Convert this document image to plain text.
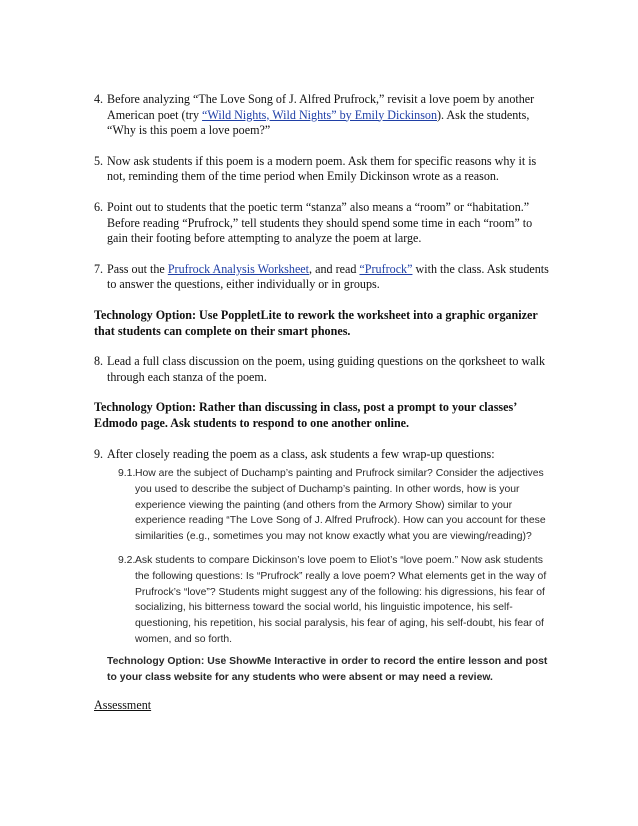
4. Before analyzing “The Love Song of J. Alfred Prufrock,” revisit a love poem by another American poet (try “Wild Nights, Wild Nights” by Emily Dickinson). Ask the students, “Why is this poem a love poem?”
5. Now ask students if this poem is a modern poem. Ask them for specific reasons why it is not, reminding them of the time period when Emily Dickinson wrote as a reason.
6. Point out to students that the poetic term “stanza” also means a “room” or “habitation.” Before reading “Prufrock,” tell students they should spend some time in each “room” to gain their footing before attempting to analyze the poem at large.
7. Pass out the Prufrock Analysis Worksheet, and read “Prufrock” with the class. Ask students to answer the questions, either individually or in groups.
Technology Option: Use PoppletLite to rework the worksheet into a graphic organizer that students can complete on their smart phones.
8. Lead a full class discussion on the poem, using guiding questions on the qorksheet to walk through each stanza of the poem.
Technology Option: Rather than discussing in class, post a prompt to your classes’ Edmodo page. Ask students to respond to one another online.
9. After closely reading the poem as a class, ask students a few wrap-up questions:
9.1. How are the subject of Duchamp’s painting and Prufrock similar? Consider the adjectives you used to describe the subject of Duchamp’s painting. In other words, how is your experience viewing the painting (and others from the Armory Show) similar to your experience reading “The Love Song of J. Alfred Prufrock). How can you account for these similarities (e.g., sometimes you may not know exactly what you are viewing/reading)?
9.2. Ask students to compare Dickinson’s love poem to Eliot’s “love poem.” Now ask students the following questions: Is “Prufrock” really a love poem? What elements get in the way of Prufrock’s “love”? Students might suggest any of the following: his digressions, his fear of socializing, his bitterness toward the social world, his linguistic impotence, his self-questioning, his repetition, his social paralysis, his fear of aging, his self-doubt, his fear of women, and so forth.
Technology Option: Use ShowMe Interactive in order to record the entire lesson and post to your class website for any students who were absent or may need a review.
Assessment
